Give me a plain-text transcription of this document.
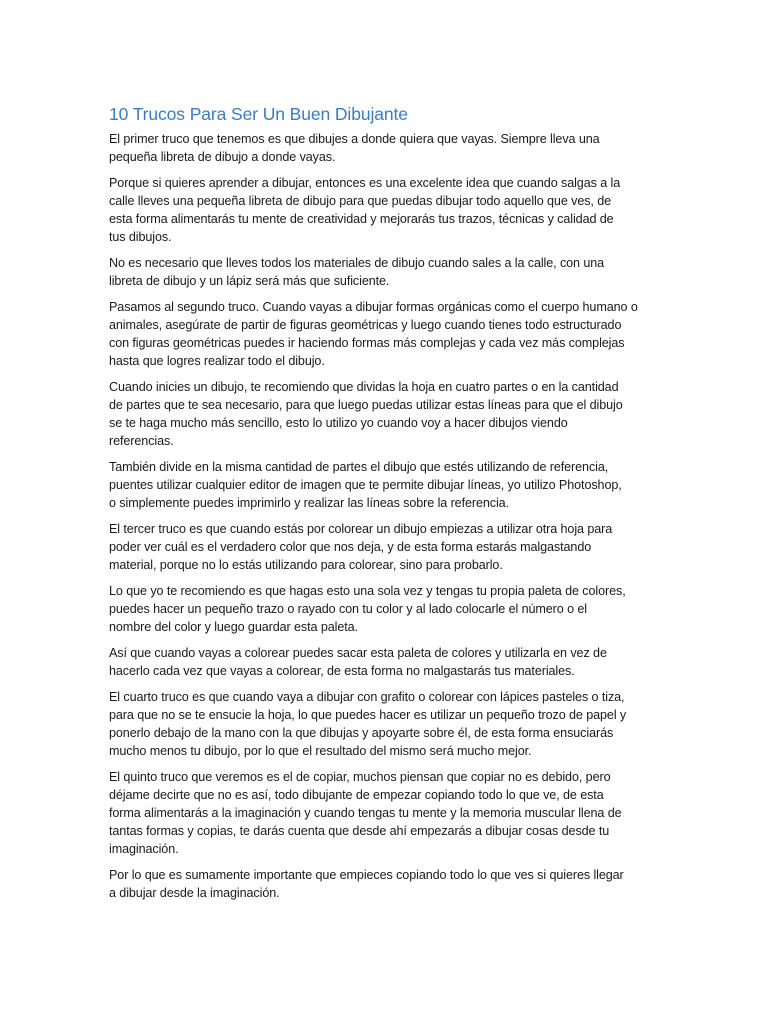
10 Trucos Para Ser Un Buen Dibujante

El primer truco que tenemos es que dibujes a donde quiera que vayas. Siempre lleva una
pequeña libreta de dibujo a donde vayas.

Porque si quieres aprender a dibujar, entonces es una excelente idea que cuando salgas a la
calle lleves una pequeña libreta de dibujo para que puedas dibujar todo aquello que ves, de
esta forma alimentarás tu mente de creatividad y mejorarás tus trazos, técnicas y calidad de
tus dibujos.

No es necesario que lleves todos los materiales de dibujo cuando sales a la calle, con una
libreta de dibujo y un lápiz será más que suficiente.

Pasamos al segundo truco. Cuando vayas a dibujar formas orgánicas como el cuerpo humano o
animales, asegúrate de partir de figuras geométricas y luego cuando tienes todo estructurado
con figuras geométricas puedes ir haciendo formas más complejas y cada vez más complejas
hasta que logres realizar todo el dibujo.

Cuando inicies un dibujo, te recomiendo que dividas la hoja en cuatro partes o en la cantidad
de partes que te sea necesario, para que luego puedas utilizar estas líneas para que el dibujo
se te haga mucho más sencillo, esto lo utilizo yo cuando voy a hacer dibujos viendo
referencias.

También divide en la misma cantidad de partes el dibujo que estés utilizando de referencia,
puentes utilizar cualquier editor de imagen que te permite dibujar líneas, yo utilizo Photoshop,
o simplemente puedes imprimirlo y realizar las líneas sobre la referencia.

El tercer truco es que cuando estás por colorear un dibujo empiezas a utilizar otra hoja para
poder ver cuál es el verdadero color que nos deja, y de esta forma estarás malgastando
material, porque no lo estás utilizando para colorear, sino para probarlo.

Lo que yo te recomiendo es que hagas esto una sola vez y tengas tu propia paleta de colores,
puedes hacer un pequeño trazo o rayado con tu color y al lado colocarle el número o el
nombre del color y luego guardar esta paleta.

Así que cuando vayas a colorear puedes sacar esta paleta de colores y utilizarla en vez de
hacerlo cada vez que vayas a colorear, de esta forma no malgastarás tus materiales.

El cuarto truco es que cuando vaya a dibujar con grafito o colorear con lápices pasteles o tiza,
para que no se te ensucie la hoja, lo que puedes hacer es utilizar un pequeño trozo de papel y
ponerlo debajo de la mano con la que dibujas y apoyarte sobre él, de esta forma ensuciarás
mucho menos tu dibujo, por lo que el resultado del mismo será mucho mejor.

El quinto truco que veremos es el de copiar, muchos piensan que copiar no es debido, pero
déjame decirte que no es así, todo dibujante de empezar copiando todo lo que ve, de esta
forma alimentarás a la imaginación y cuando tengas tu mente y la memoria muscular llena de
tantas formas y copias, te darás cuenta que desde ahí empezarás a dibujar cosas desde tu
imaginación.

Por lo que es sumamente importante que empieces copiando todo lo que ves si quieres llegar
a dibujar desde la imaginación.
